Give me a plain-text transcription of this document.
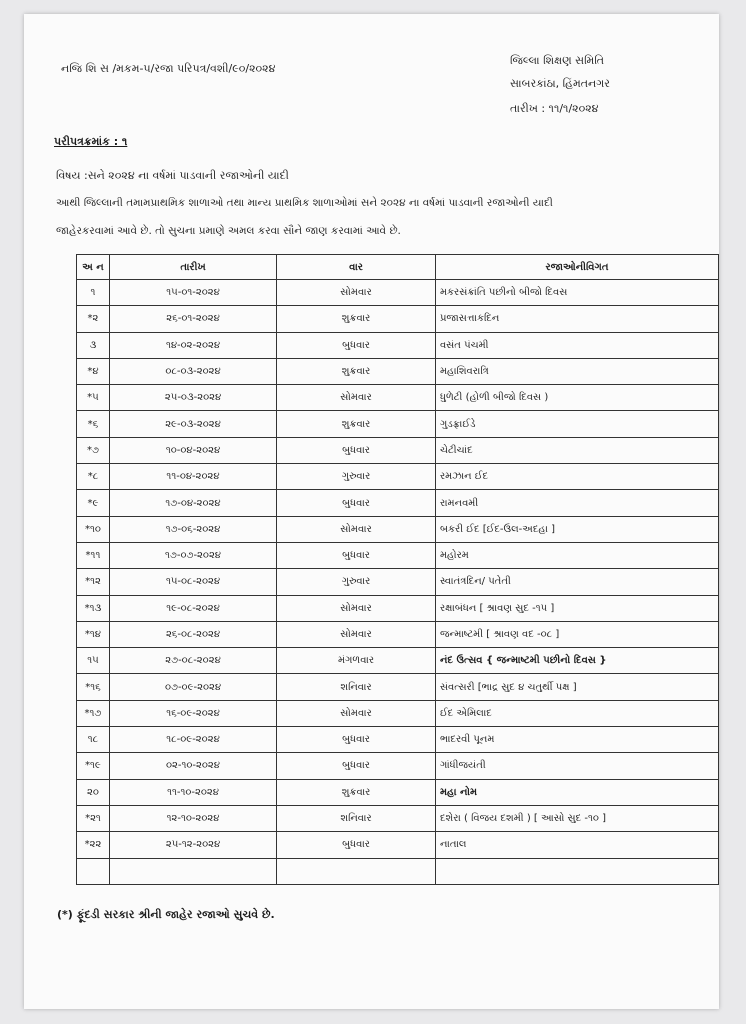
નજિ શિ સ /મકમ-૫/રજા પરિપત્ર/વશી/૯૦/૨૦૨૪
જિલ્લા શિક્ષણ સમિતિ
સાબરકાંઠા, હિંમતનગર
તારીખ : ૧૧/૧/૨૦૨૪
પરીપત્રક્રમાંક : ૧
વિષય :સને ૨૦૨૪ ના વર્ષમાં પાડવાની રજાઓની યાદી
આથી જિલ્લાની તમામપ્રાથમિક શાળાઓ તથા માન્ય પ્રાથમિક શાળાઓમાં સને ૨૦૨૪ ના વર્ષમાં પાડવાની રજાઓની યાદી
જાહેરકરવામાં આવે છે. તો સુચના પ્રમાણે અમલ કરવા સૌને જાણ કરવામાં આવે છે.
અ ન	તારીખ	વાર	રજાઓનીવિગત
૧	૧૫-૦૧-૨૦૨૪	સોમવાર	મકરસંક્રાંતિ પછીનો બીજો દિવસ
*૨	૨૬-૦૧-૨૦૨૪	શુક્રવાર	પ્રજાસત્તાકદિન
૩	૧૪-૦૨-૨૦૨૪	બુધવાર	વસંત પંચમી
*૪	૦૮-૦૩-૨૦૨૪	શુક્રવાર	મહાશિવરાત્રિ
*૫	૨૫-૦૩-૨૦૨૪	સોમવાર	ધુળેટી (હોળી બીજો દિવસ )
*૬	૨૯-૦૩-૨૦૨૪	શુક્રવાર	ગુડફ્રાઈડે
*૭	૧૦-૦૪-૨૦૨૪	બુધવાર	ચેટીચાંદ
*૮	૧૧-૦૪-૨૦૨૪	ગુરુવાર	રમઝાન ઈદ
*૯	૧૭-૦૪-૨૦૨૪	બુધવાર	રામનવમી
*૧૦	૧૭-૦૬-૨૦૨૪	સોમવાર	બકરી ઈદ [ઈદ-ઉલ-અદહા ]
*૧૧	૧૭-૦૭-૨૦૨૪	બુધવાર	મહોરમ
*૧૨	૧૫-૦૮-૨૦૨૪	ગુરુવાર	સ્વાતંત્રદિન/ પતેતી
*૧૩	૧૯-૦૮-૨૦૨૪	સોમવાર	રક્ષાબંધન [ શ્રાવણ સુદ -૧૫ ]
*૧૪	૨૬-૦૮-૨૦૨૪	સોમવાર	જન્માષ્ટમી [ શ્રાવણ વદ -૦૮ ]
૧૫	૨૭-૦૮-૨૦૨૪	મંગળવાર	નંદ ઉત્સવ { જન્માષ્ટમી પછીનો દિવસ }
*૧૬	૦૭-૦૯-૨૦૨૪	શનિવાર	સંવત્સરી [ભાદ્ર સુદ ૪ ચતુર્થી પક્ષ ]
*૧૭	૧૬-૦૯-૨૦૨૪	સોમવાર	ઈદ એમિલાદ
૧૮	૧૮-૦૯-૨૦૨૪	બુધવાર	ભાદરવી પૂનમ
*૧૯	૦૨-૧૦-૨૦૨૪	બુધવાર	ગાંધીજયંતી
૨૦	૧૧-૧૦-૨૦૨૪	શુક્રવાર	મહા નોમ
*૨૧	૧૨-૧૦-૨૦૨૪	શનિવાર	દશેરા ( વિજય દશમી ) [ આસો સુદ -૧૦ ]
*૨૨	૨૫-૧૨-૨૦૨૪	બુધવાર	નાતાલ

(*) ફૂંદડી સરકાર શ્રીની જાહેર રજાઓ સુચવે છે.
